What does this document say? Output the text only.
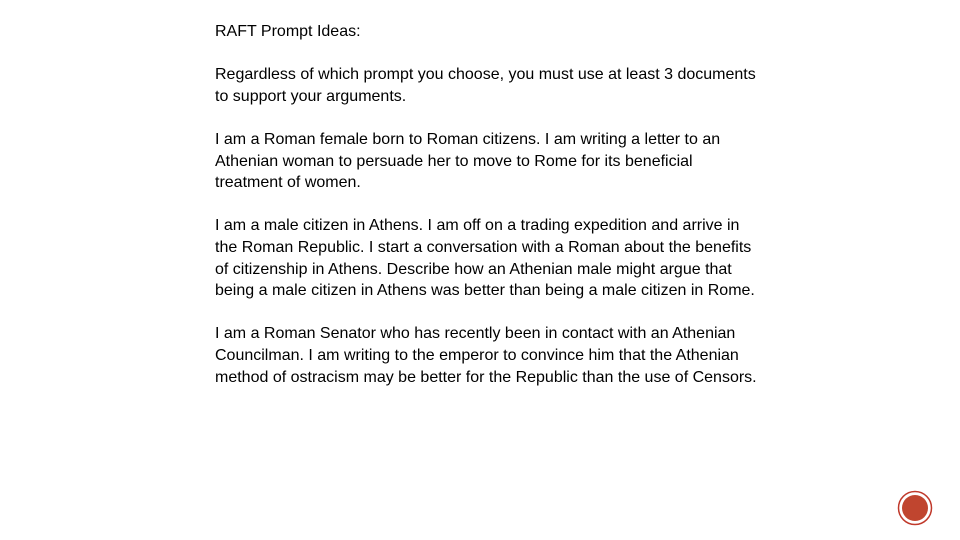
RAFT Prompt Ideas:

Regardless of which prompt you choose, you must use at least 3 documents to support your arguments.

I am a Roman female born to Roman citizens. I am writing a letter to an Athenian woman to persuade her to move to Rome for its beneficial treatment of women.

I am a male citizen in Athens. I am off on a trading expedition and arrive in the Roman Republic. I start a conversation with a Roman about the benefits of citizenship in Athens. Describe how an Athenian male might argue that being a male citizen in Athens was better than being a male citizen in Rome.

I am a Roman Senator who has recently been in contact with an Athenian Councilman. I am writing to the emperor to convince him that the Athenian method of ostracism may be better for the Republic than the use of Censors.
